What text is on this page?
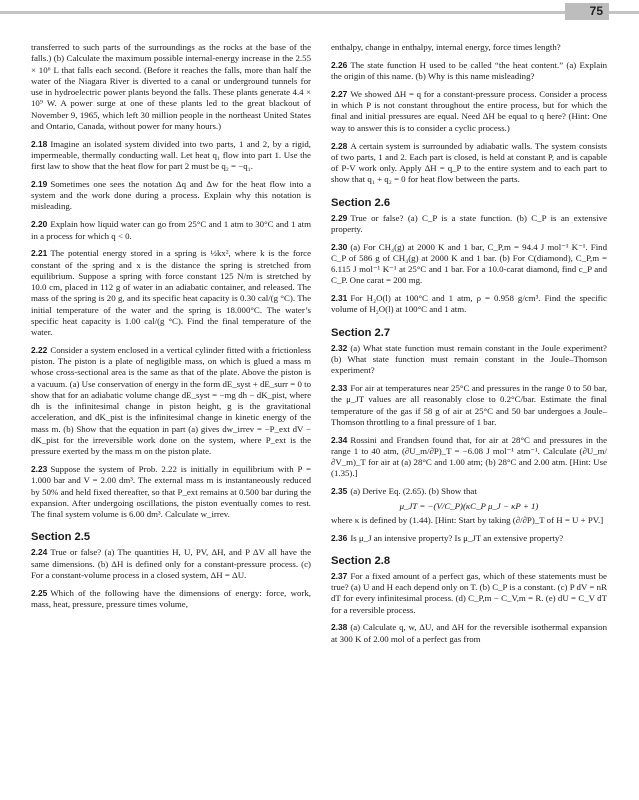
75

transferred to such parts of the surroundings as the rocks at the base of the falls.) (b) Calculate the maximum possible internal-energy increase in the 2.55 × 10⁶ L that falls each second. (Before it reaches the falls, more than half the water of the Niagara River is diverted to a canal or underground tunnels for use in hydroelectric power plants beyond the falls. These plants generate 4.4 × 10⁹ W. A power surge at one of these plants led to the great blackout of November 9, 1965, which left 30 million people in the northeast United States and Ontario, Canada, without power for many hours.)

2.18 Imagine an isolated system divided into two parts, 1 and 2, by a rigid, impermeable, thermally conducting wall. Let heat q₁ flow into part 1. Use the first law to show that the heat flow for part 2 must be q₂ = −q₁.

2.19 Sometimes one sees the notation Δq and Δw for the heat flow into a system and the work done during a process. Explain why this notation is misleading.

2.20 Explain how liquid water can go from 25°C and 1 atm to 30°C and 1 atm in a process for which q < 0.

2.21 The potential energy stored in a spring is ½kx², where k is the force constant of the spring and x is the distance the spring is stretched from equilibrium. Suppose a spring with force constant 125 N/m is stretched by 10.0 cm, placed in 112 g of water in an adiabatic container, and released. The mass of the spring is 20 g, and its specific heat capacity is 0.30 cal/(g °C). The initial temperature of the water and the spring is 18.000°C. The water’s specific heat capacity is 1.00 cal/(g °C). Find the final temperature of the water.

2.22 Consider a system enclosed in a vertical cylinder fitted with a frictionless piston. The piston is a plate of negligible mass, on which is glued a mass m whose cross-sectional area is the same as that of the plate. Above the piston is a vacuum. (a) Use conservation of energy in the form dE_syst + dE_surr = 0 to show that for an adiabatic volume change dE_syst = −mg dh − dK_pist, where dh is the infinitesimal change in piston height, g is the gravitational acceleration, and dK_pist is the infinitesimal change in kinetic energy of the mass m. (b) Show that the equation in part (a) gives dw_irrev = −P_ext dV − dK_pist for the irreversible work done on the system, where P_ext is the pressure exerted by the mass m on the piston plate.

2.23 Suppose the system of Prob. 2.22 is initially in equilibrium with P = 1.000 bar and V = 2.00 dm³. The external mass m is instantaneously reduced by 50% and held fixed thereafter, so that P_ext remains at 0.500 bar during the expansion. After undergoing oscillations, the piston eventually comes to rest. The final system volume is 6.00 dm³. Calculate w_irrev.

Section 2.5

2.24 True or false? (a) The quantities H, U, PV, ΔH, and P ΔV all have the same dimensions. (b) ΔH is defined only for a constant-pressure process. (c) For a constant-volume process in a closed system, ΔH = ΔU.

2.25 Which of the following have the dimensions of energy: force, work, mass, heat, pressure, pressure times volume,

enthalpy, change in enthalpy, internal energy, force times length?

2.26 The state function H used to be called “the heat content.” (a) Explain the origin of this name. (b) Why is this name misleading?

2.27 We showed ΔH = q for a constant-pressure process. Consider a process in which P is not constant throughout the entire process, but for which the final and initial pressures are equal. Need ΔH be equal to q here? (Hint: One way to answer this is to consider a cyclic process.)

2.28 A certain system is surrounded by adiabatic walls. The system consists of two parts, 1 and 2. Each part is closed, is held at constant P, and is capable of P-V work only. Apply ΔH = q_P to the entire system and to each part to show that q₁ + q₂ = 0 for heat flow between the parts.

Section 2.6

2.29 True or false? (a) C_P is a state function. (b) C_P is an extensive property.

2.30 (a) For CH₄(g) at 2000 K and 1 bar, C_P,m = 94.4 J mol⁻¹ K⁻¹. Find C_P of 586 g of CH₄(g) at 2000 K and 1 bar. (b) For C(diamond), C_P,m = 6.115 J mol⁻¹ K⁻¹ at 25°C and 1 bar. For a 10.0-carat diamond, find c_P and C_P. One carat = 200 mg.

2.31 For H₂O(l) at 100°C and 1 atm, ρ = 0.958 g/cm³. Find the specific volume of H₂O(l) at 100°C and 1 atm.

Section 2.7

2.32 (a) What state function must remain constant in the Joule experiment? (b) What state function must remain constant in the Joule–Thomson experiment?

2.33 For air at temperatures near 25°C and pressures in the range 0 to 50 bar, the μ_JT values are all reasonably close to 0.2°C/bar. Estimate the final temperature of the gas if 58 g of air at 25°C and 50 bar undergoes a Joule–Thomson throttling to a final pressure of 1 bar.

2.34 Rossini and Frandsen found that, for air at 28°C and pressures in the range 1 to 40 atm, (∂U_m/∂P)_T = −6.08 J mol⁻¹ atm⁻¹. Calculate (∂U_m/∂V_m)_T for air at (a) 28°C and 1.00 atm; (b) 28°C and 2.00 atm. [Hint: Use (1.35).]

2.35 (a) Derive Eq. (2.65). (b) Show that

μ_JT = −(V/C_P)(κC_P μ_J − κP + 1)

where κ is defined by (1.44). [Hint: Start by taking (∂/∂P)_T of H = U + PV.]

2.36 Is μ_J an intensive property? Is μ_JT an extensive property?

Section 2.8

2.37 For a fixed amount of a perfect gas, which of these statements must be true? (a) U and H each depend only on T. (b) C_P is a constant. (c) P dV = nR dT for every infinitesimal process. (d) C_P,m − C_V,m = R. (e) dU = C_V dT for a reversible process.

2.38 (a) Calculate q, w, ΔU, and ΔH for the reversible isothermal expansion at 300 K of 2.00 mol of a perfect gas from
